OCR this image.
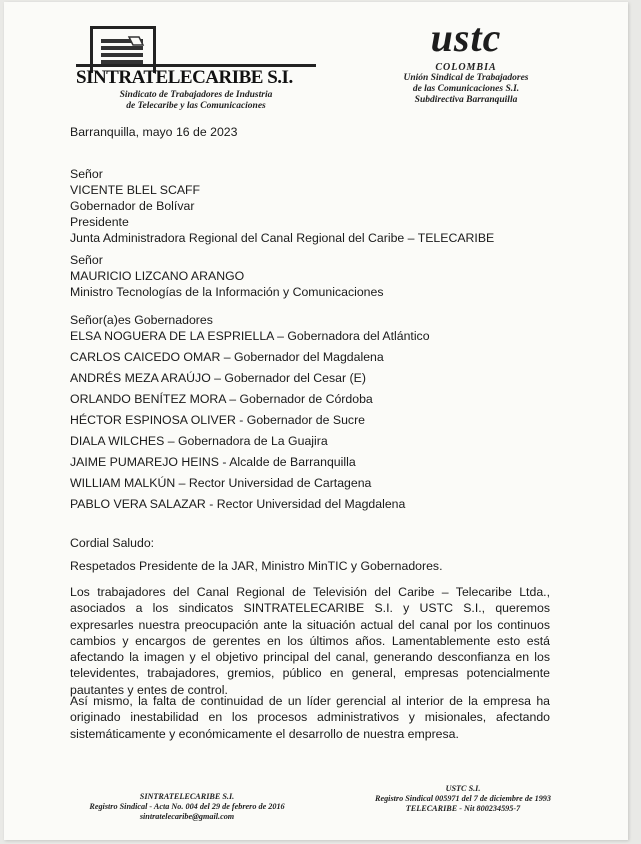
SINTRATELECARIBE S.I.
Sindicato de Trabajadores de Industria
de Telecaribe y las Comunicaciones
ustc
COLOMBIA
Unión Sindical de Trabajadores
de las Comunicaciones S.I.
Subdirectiva Barranquilla
Barranquilla, mayo 16 de 2023
Señor
VICENTE BLEL SCAFF
Gobernador de Bolívar
Presidente
Junta Administradora Regional del Canal Regional del Caribe – TELECARIBE
Señor
MAURICIO LIZCANO ARANGO
Ministro Tecnologías de la Información y Comunicaciones
Señor(a)es Gobernadores
ELSA NOGUERA DE LA ESPRIELLA – Gobernadora del Atlántico
CARLOS CAICEDO OMAR – Gobernador del Magdalena
ANDRÉS MEZA ARAÚJO – Gobernador del Cesar (E)
ORLANDO BENÍTEZ MORA – Gobernador de Córdoba
HÉCTOR ESPINOSA OLIVER - Gobernador de Sucre
DIALA WILCHES – Gobernadora de La Guajira
JAIME PUMAREJO HEINS - Alcalde de Barranquilla
WILLIAM MALKÚN – Rector Universidad de Cartagena
PABLO VERA SALAZAR - Rector Universidad del Magdalena
Cordial Saludo:
Respetados Presidente de la JAR, Ministro MinTIC y Gobernadores.
Los trabajadores del Canal Regional de Televisión del Caribe – Telecaribe Ltda., asociados a los sindicatos SINTRATELECARIBE S.I. y USTC S.I., queremos expresarles nuestra preocupación ante la situación actual del canal por los continuos cambios y encargos de gerentes en los últimos años. Lamentablemente esto está afectando la imagen y el objetivo principal del canal, generando desconfianza en los televidentes, trabajadores, gremios, público en general, empresas potencialmente pautantes y entes de control.
Así mismo, la falta de continuidad de un líder gerencial al interior de la empresa ha originado inestabilidad en los procesos administrativos y misionales, afectando sistemáticamente y económicamente el desarrollo de nuestra empresa.
SINTRATELECARIBE S.I.
Registro Sindical - Acta No. 004 del 29 de febrero de 2016
sintratelecaribe@gmail.com
USTC S.I.
Registro Sindical 005971 del 7 de diciembre de 1993
TELECARIBE - Nit 800234595-7
